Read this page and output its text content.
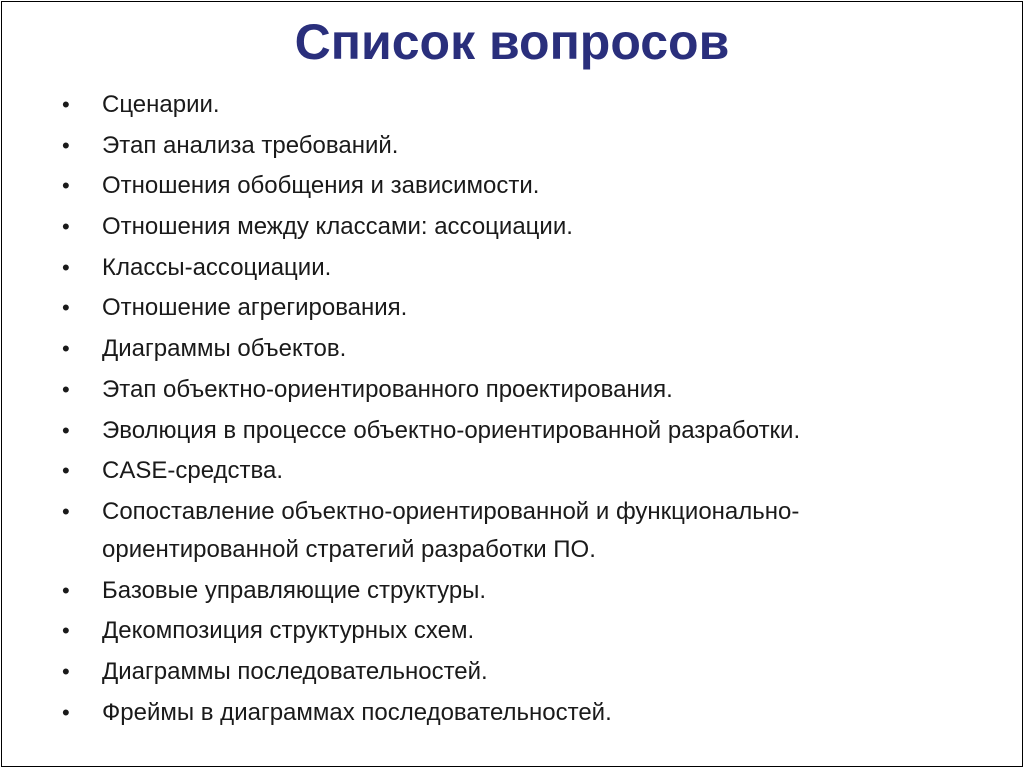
Список вопросов
•	Сценарии.
•	Этап анализа требований.
•	Отношения обобщения и зависимости.
•	Отношения между классами: ассоциации.
•	Классы-ассоциации.
•	Отношение агрегирования.
•	Диаграммы объектов.
•	Этап объектно-ориентированного проектирования.
•	Эволюция в процессе объектно-ориентированной разработки.
•	CASE-средства.
•	Сопоставление объектно-ориентированной и функционально-ориентированной стратегий разработки ПО.
•	Базовые управляющие структуры.
•	Декомпозиция структурных схем.
•	Диаграммы последовательностей.
•	Фреймы в диаграммах последовательностей.
